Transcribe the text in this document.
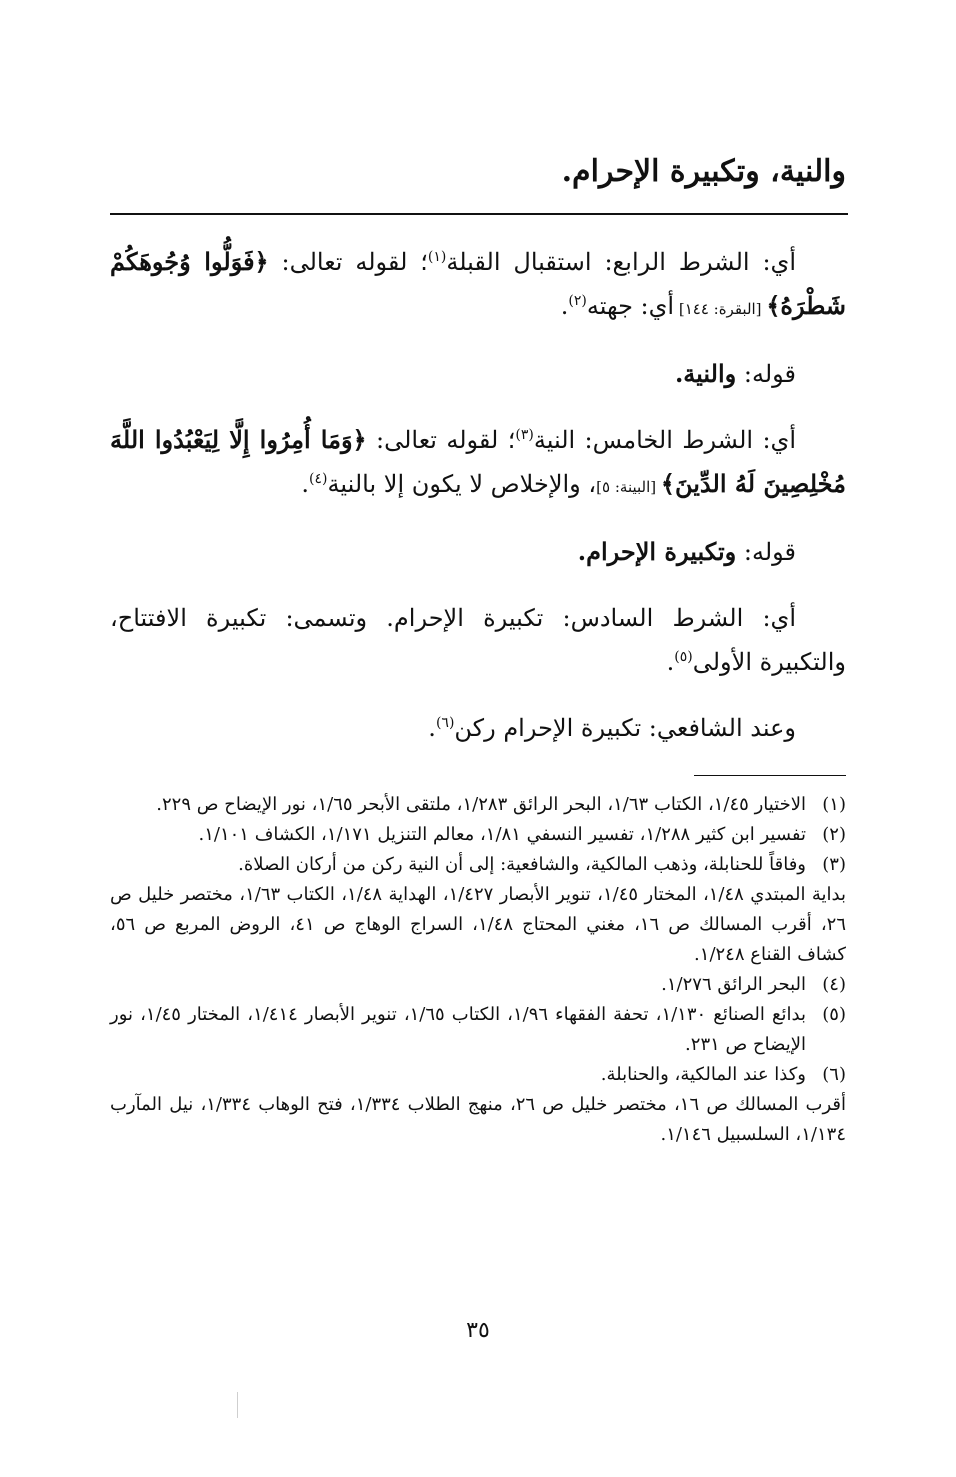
والنية، وتكبيرة الإحرام.

أي: الشرط الرابع: استقبال القبلة$^{(١)}$؛ لقوله تعالى: ﴿فَوَلُّوا وُجُوهَكُمْ شَطْرَهُ﴾ [البقرة: ١٤٤] أي: جهته$^{(٢)}$.

قوله: والنية.

أي: الشرط الخامس: النية$^{(٣)}$؛ لقوله تعالى: ﴿وَمَا أُمِرُوا إِلَّا لِيَعْبُدُوا اللَّهَ مُخْلِصِينَ لَهُ الدِّينَ﴾ [البينة: ٥]، والإخلاص لا يكون إلا بالنية$^{(٤)}$.

قوله: وتكبيرة الإحرام.

أي: الشرط السادس: تكبيرة الإحرام. وتسمى: تكبيرة الافتتاح، والتكبيرة الأولى$^{(٥)}$.

وعند الشافعي: تكبيرة الإحرام ركن$^{(٦)}$.

(١)
الاختيار ١/٤٥، الكتاب ١/٦٣، البحر الرائق ١/٢٨٣، ملتقى الأبحر ١/٦٥، نور الإيضاح ص ٢٢٩.
(٢)
تفسير ابن كثير ١/٢٨٨، تفسير النسفي ١/٨١، معالم التنزيل ١/١٧١، الكشاف ١/١٠١.
(٣)
وفاقاً للحنابلة، وذهب المالكية، والشافعية: إلى أن النية ركن من أركان الصلاة.
بداية المبتدي ١/٤٨، المختار ١/٤٥، تنوير الأبصار ١/٤٢٧، الهداية ١/٤٨، الكتاب ١/٦٣، مختصر خليل ص ٢٦، أقرب المسالك ص ١٦، مغني المحتاج ١/٤٨، السراج الوهاج ص ٤١، الروض المربع ص ٥٦، كشاف القناع ١/٢٤٨.
(٤)
البحر الرائق ١/٢٧٦.
(٥)
بدائع الصنائع ١/١٣٠، تحفة الفقهاء ١/٩٦، الكتاب ١/٦٥، تنوير الأبصار ١/٤١٤، المختار ١/٤٥، نور الإيضاح ص ٢٣١.
(٦)
وكذا عند المالكية، والحنابلة.
أقرب المسالك ص ١٦، مختصر خليل ص ٢٦، منهج الطلاب ١/٣٣٤، فتح الوهاب ١/٣٣٤، نيل المآرب ١/١٣٤، السلسبيل ١/١٤٦.

٣٥
